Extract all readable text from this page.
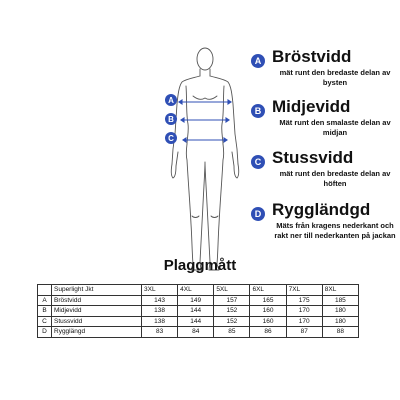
A
B
C
A Bröstvidd
mät runt den bredaste delan av bysten
B Midjevidd
Mät runt den smalaste delan av midjan
C Stussvidd
mät runt den bredaste delan av höften
D Ryggländgd
Mäts från kragens nederkant och rakt ner till nederkanten på jackan
Plaggmått
	Superlight Jkt	3XL	4XL	5XL	6XL	7XL	8XL
A	Bröstvidd	143	149	157	165	175	185
B	Midjevidd	138	144	152	160	170	180
C	Stussvidd	138	144	152	160	170	180
D	Rygglängd	83	84	85	86	87	88
